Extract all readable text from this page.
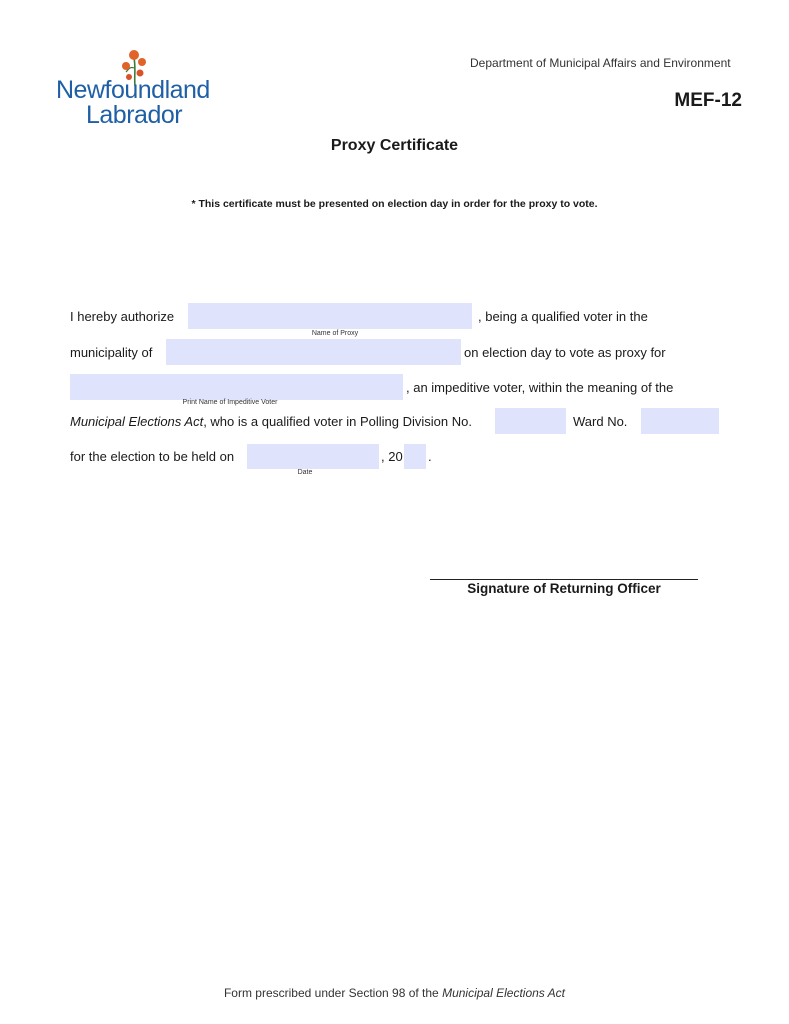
Newfoundland
Labrador
Department of Municipal Affairs and Environment
MEF-12
Proxy Certificate
* This certificate must be presented on election day in order for the proxy to vote.
I hereby authorize	, being a qualified voter in the
Name of Proxy
municipality of	on election day to vote as proxy for
, an impeditive voter, within the meaning of the
Print Name of Impeditive Voter
Municipal Elections Act, who is a qualified voter in Polling Division No.	Ward No.
for the election to be held on	, 20 .
Date
Signature of Returning Officer
Form prescribed under Section 98 of the Municipal Elections Act
